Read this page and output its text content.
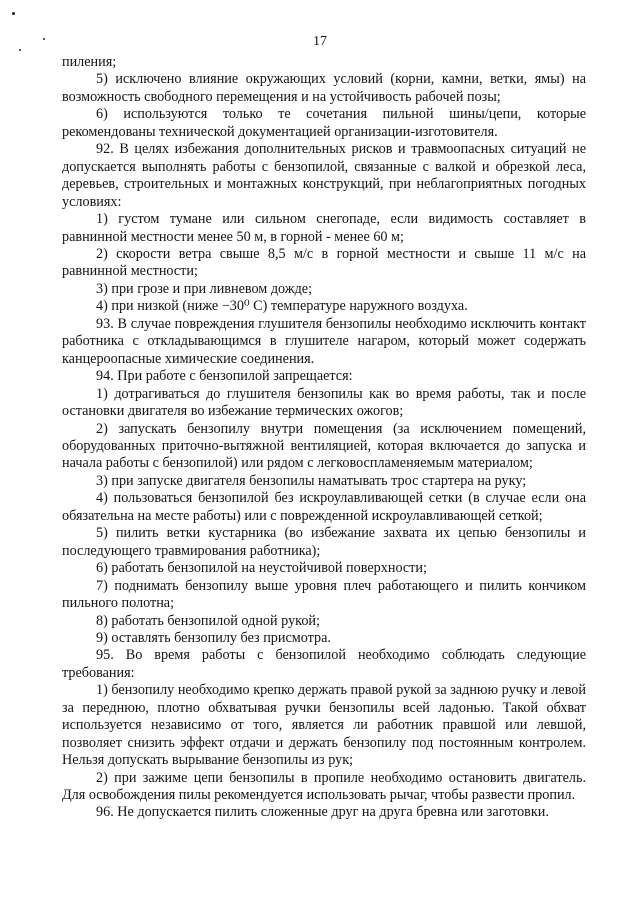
17

пиления;

5) исключено влияние окружающих условий (корни, камни, ветки, ямы) на возможность свободного перемещения и на устойчивость рабочей позы;

6) используются только те сочетания пильной шины/цепи, которые рекомендованы технической документацией организации-изготовителя.

92. В целях избежания дополнительных рисков и травмоопасных ситуаций не допускается выполнять работы с бензопилой, связанные с валкой и обрезкой леса, деревьев, строительных и монтажных конструкций, при неблагоприятных погодных условиях:

1) густом тумане или сильном снегопаде, если видимость составляет в равнинной местности менее 50 м, в горной - менее 60 м;

2) скорости ветра свыше 8,5 м/с в горной местности и свыше 11 м/с на равнинной местности;

3) при грозе и при ливневом дожде;

4) при низкой (ниже −30⁰ С) температуре наружного воздуха.

93. В случае повреждения глушителя бензопилы необходимо исключить контакт работника с откладывающимся в глушителе нагаром, который может содержать канцероопасные химические соединения.

94. При работе с бензопилой запрещается:

1) дотрагиваться до глушителя бензопилы как во время работы, так и после остановки двигателя во избежание термических ожогов;

2) запускать бензопилу внутри помещения (за исключением помещений, оборудованных приточно-вытяжной вентиляцией, которая включается до запуска и начала работы с бензопилой) или рядом с легковоспламеняемым материалом;

3) при запуске двигателя бензопилы наматывать трос стартера на руку;

4) пользоваться бензопилой без искроулавливающей сетки (в случае если она обязательна на месте работы) или с поврежденной искроулавливающей сеткой;

5) пилить ветки кустарника (во избежание захвата их цепью бензопилы и последующего травмирования работника);

6) работать бензопилой на неустойчивой поверхности;

7) поднимать бензопилу выше уровня плеч работающего и пилить кончиком пильного полотна;

8) работать бензопилой одной рукой;

9) оставлять бензопилу без присмотра.

95. Во время работы с бензопилой необходимо соблюдать следующие требования:

1) бензопилу необходимо крепко держать правой рукой за заднюю ручку и левой за переднюю, плотно обхватывая ручки бензопилы всей ладонью. Такой обхват используется независимо от того, является ли работник правшой или левшой, позволяет снизить эффект отдачи и держать бензопилу под постоянным контролем. Нельзя допускать вырывание бензопилы из рук;

2) при зажиме цепи бензопилы в пропиле необходимо остановить двигатель. Для освобождения пилы рекомендуется использовать рычаг, чтобы развести пропил.

96. Не допускается пилить сложенные друг на друга бревна или заготовки.
